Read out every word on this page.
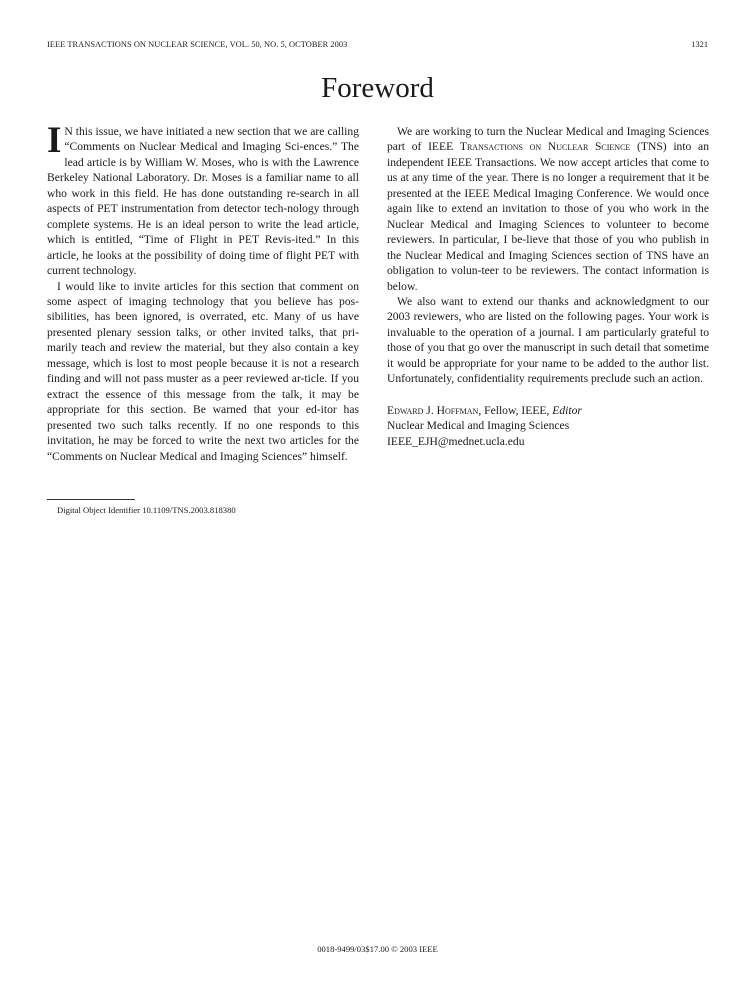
IEEE TRANSACTIONS ON NUCLEAR SCIENCE, VOL. 50, NO. 5, OCTOBER 2003	1321
Foreword

I N this issue, we have initiated a new section that we are calling “Comments on Nuclear Medical and Imaging Sci-ences.” The lead article is by William W. Moses, who is with the Lawrence Berkeley National Laboratory. Dr. Moses is a familiar name to all who work in this field. He has done outstanding re-search in all aspects of PET instrumentation from detector tech-nology through complete systems. He is an ideal person to write the lead article, which is entitled, “Time of Flight in PET Revis-ited.” In this article, he looks at the possibility of doing time of flight PET with current technology.

I would like to invite articles for this section that comment on some aspect of imaging technology that you believe has pos-sibilities, has been ignored, is overrated, etc. Many of us have presented plenary session talks, or other invited talks, that pri-marily teach and review the material, but they also contain a key message, which is lost to most people because it is not a research finding and will not pass muster as a peer reviewed ar-ticle. If you extract the essence of this message from the talk, it may be appropriate for this section. Be warned that your ed-itor has presented two such talks recently. If no one responds to this invitation, he may be forced to write the next two articles for the “Comments on Nuclear Medical and Imaging Sciences” himself.

We are working to turn the Nuclear Medical and Imaging Sciences part of IEEE Transactions on Nuclear Science (TNS) into an independent IEEE Transactions. We now accept articles that come to us at any time of the year. There is no longer a requirement that it be presented at the IEEE Medical Imaging Conference. We would once again like to extend an invitation to those of you who work in the Nuclear Medical and Imaging Sciences to volunteer to become reviewers. In particular, I be-lieve that those of you who publish in the Nuclear Medical and Imaging Sciences section of TNS have an obligation to volun-teer to be reviewers. The contact information is below.

We also want to extend our thanks and acknowledgment to our 2003 reviewers, who are listed on the following pages. Your work is invaluable to the operation of a journal. I am particularly grateful to those of you that go over the manuscript in such detail that sometime it would be appropriate for your name to be added to the author list. Unfortunately, confidentiality requirements preclude such an action.

Edward J. Hoffman, Fellow, IEEE, Editor
Nuclear Medical and Imaging Sciences
IEEE_EJH@mednet.ucla.edu
Digital Object Identifier 10.1109/TNS.2003.818380
0018-9499/03$17.00 © 2003 IEEE
